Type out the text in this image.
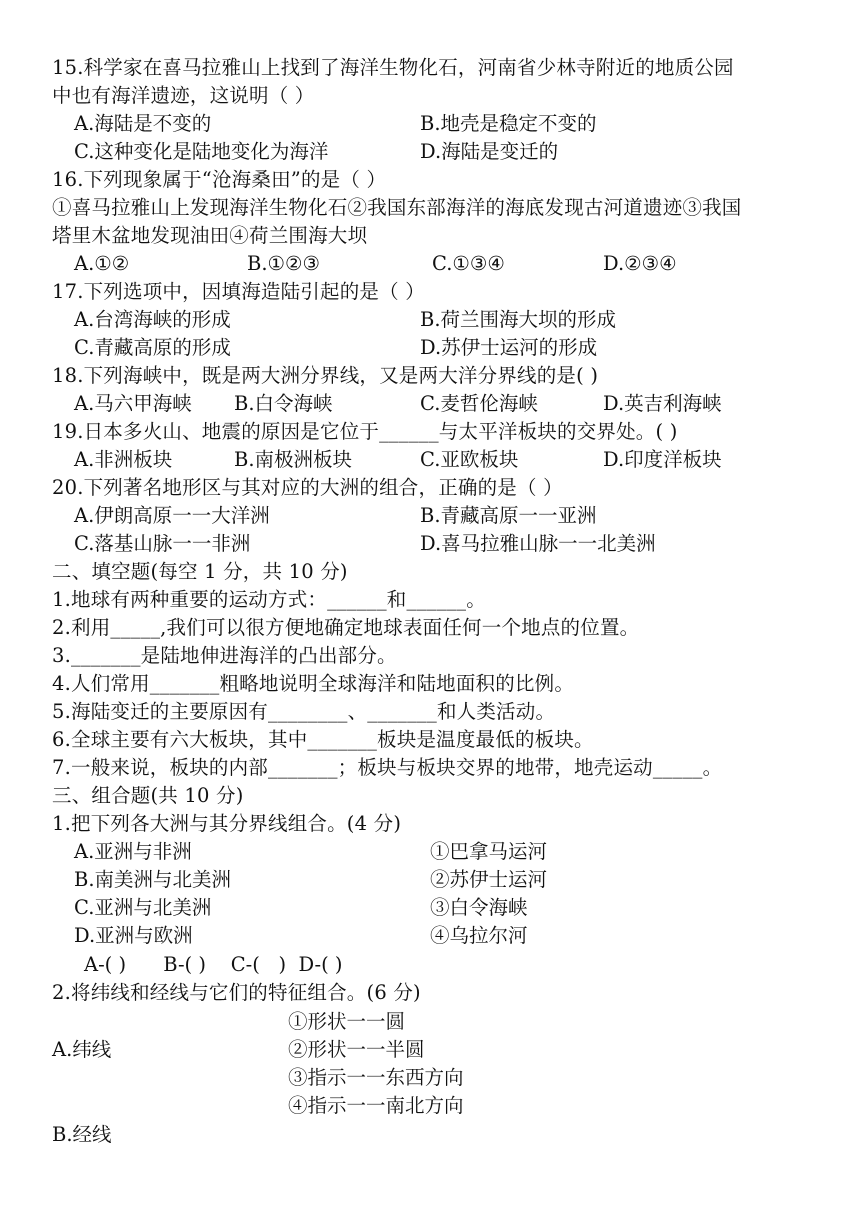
15.科学家在喜马拉雅山上找到了海洋生物化石，河南省少林寺附近的地质公园
中也有海洋遗迹，这说明（ ）
A.海陆是不变的	B.地壳是稳定不变的
C.这种变化是陆地变化为海洋	D.海陆是变迁的
16.下列现象属于“沧海桑田”的是（ ）
①喜马拉雅山上发现海洋生物化石②我国东部海洋的海底发现古河道遗迹③我国
塔里木盆地发现油田④荷兰围海大坝
A.①②	B.①②③	C.①③④	D.②③④
17.下列选项中，因填海造陆引起的是（ ）
A.台湾海峡的形成	B.荷兰围海大坝的形成
C.青藏高原的形成	D.苏伊士运河的形成
18.下列海峡中，既是两大洲分界线，又是两大洋分界线的是( )
A.马六甲海峡 B.白令海峡	C.麦哲伦海峡	D.英吉利海峡
19.日本多火山、地震的原因是它位于______与太平洋板块的交界处。( )
A.非洲板块	B.南极洲板块	C.亚欧板块	D.印度洋板块
20.下列著名地形区与其对应的大洲的组合，正确的是（ ）
A.伊朗高原一一大洋洲	B.青藏高原一一亚洲
C.落基山脉一一非洲	D.喜马拉雅山脉一一北美洲
二、填空题(每空 1 分，共 10 分)
1.地球有两种重要的运动方式：______和______。
2.利用_____,我们可以很方便地确定地球表面任何一个地点的位置。
3._______是陆地伸进海洋的凸出部分。
4.人们常用_______粗略地说明全球海洋和陆地面积的比例。
5.海陆变迁的主要原因有________、_______和人类活动。
6.全球主要有六大板块，其中_______板块是温度最低的板块。
7.一般来说，板块的内部_______；板块与板块交界的地带，地壳运动_____。
三、组合题(共 10 分)
1.把下列各大洲与其分界线组合。(4 分)
A.亚洲与非洲	①巴拿马运河
B.南美洲与北美洲	②苏伊士运河
C.亚洲与北美洲	③白令海峡
D.亚洲与欧洲	④乌拉尔河
A-( )      B-( )    C-(   )  D-( )
2.将纬线和经线与它们的特征组合。(6 分)
①形状一一圆
A.纬线	②形状一一半圆
③指示一一东西方向
④指示一一南北方向
B.经线
